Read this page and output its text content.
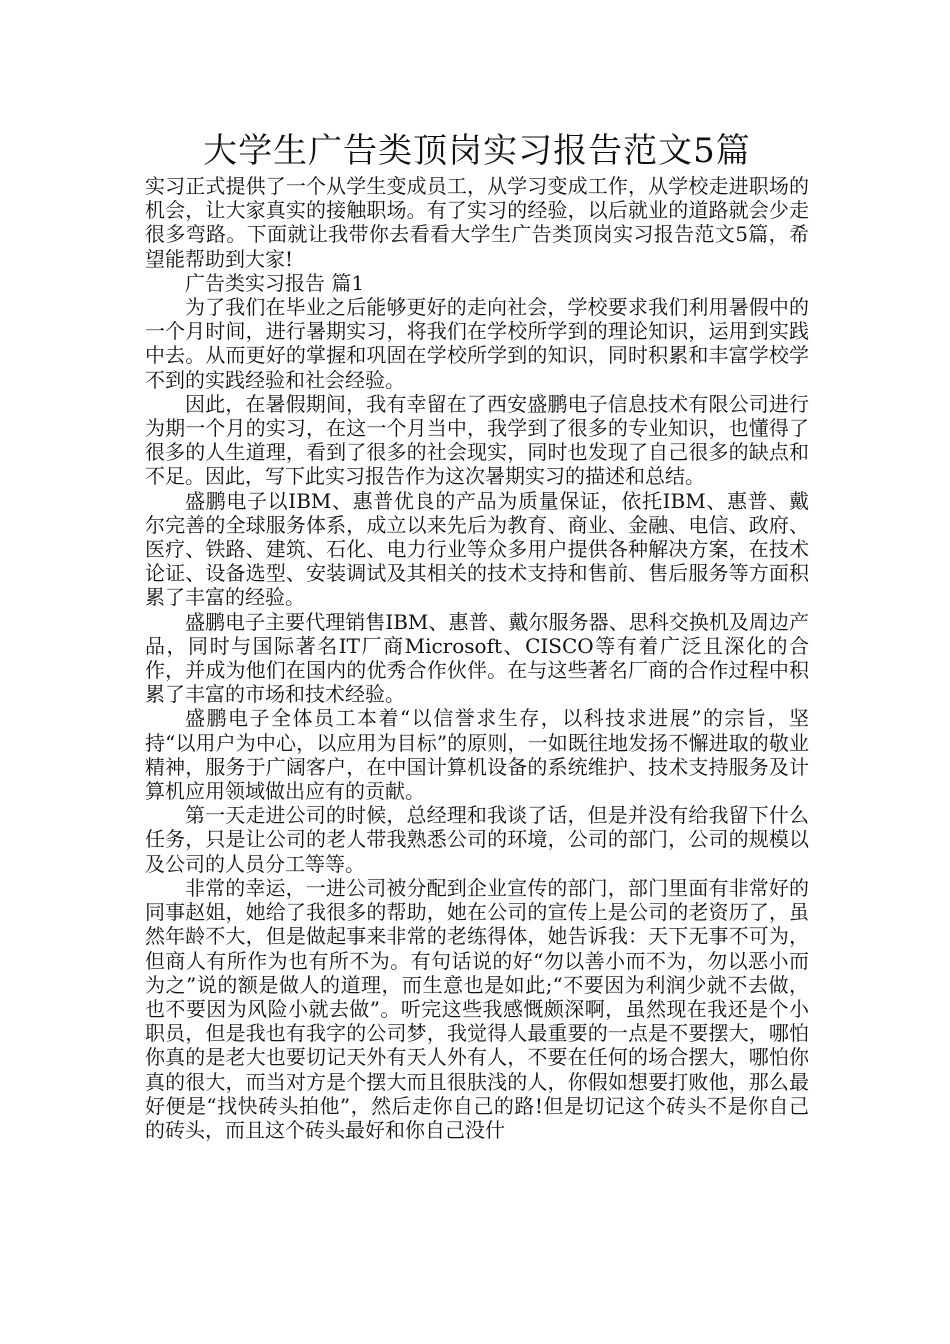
大学生广告类顶岗实习报告范文5篇

实习正式提供了一个从学生变成员工，从学习变成工作，从学校走进职场的机会，让大家真实的接触职场。有了实习的经验，以后就业的道路就会少走很多弯路。下面就让我带你去看看大学生广告类顶岗实习报告范文5篇，希望能帮助到大家!

广告类实习报告 篇1

为了我们在毕业之后能够更好的走向社会，学校要求我们利用暑假中的一个月时间，进行暑期实习，将我们在学校所学到的理论知识，运用到实践中去。从而更好的掌握和巩固在学校所学到的知识，同时积累和丰富学校学不到的实践经验和社会经验。

因此，在暑假期间，我有幸留在了西安盛鹏电子信息技术有限公司进行为期一个月的实习，在这一个月当中，我学到了很多的专业知识，也懂得了很多的人生道理，看到了很多的社会现实，同时也发现了自己很多的缺点和不足。因此，写下此实习报告作为这次暑期实习的描述和总结。

盛鹏电子以IBM、惠普优良的产品为质量保证，依托IBM、惠普、戴尔完善的全球服务体系，成立以来先后为教育、商业、金融、电信、政府、医疗、铁路、建筑、石化、电力行业等众多用户提供各种解决方案，在技术论证、设备选型、安装调试及其相关的技术支持和售前、售后服务等方面积累了丰富的经验。

盛鹏电子主要代理销售IBM、惠普、戴尔服务器、思科交换机及周边产品，同时与国际著名IT厂商Microsoft、CISCO等有着广泛且深化的合作，并成为他们在国内的优秀合作伙伴。在与这些著名厂商的合作过程中积累了丰富的市场和技术经验。

盛鹏电子全体员工本着“以信誉求生存，以科技求进展”的宗旨，坚持“以用户为中心，以应用为目标”的原则，一如既往地发扬不懈进取的敬业精神，服务于广阔客户，在中国计算机设备的系统维护、技术支持服务及计算机应用领域做出应有的贡献。

第一天走进公司的时候，总经理和我谈了话，但是并没有给我留下什么任务，只是让公司的老人带我熟悉公司的环境，公司的部门，公司的规模以及公司的人员分工等等。

非常的幸运，一进公司被分配到企业宣传的部门，部门里面有非常好的同事赵姐，她给了我很多的帮助，她在公司的宣传上是公司的老资历了，虽然年龄不大，但是做起事来非常的老练得体，她告诉我：天下无事不可为，但商人有所作为也有所不为。有句话说的好“勿以善小而不为，勿以恶小而为之”说的额是做人的道理，而生意也是如此;“不要因为利润少就不去做，也不要因为风险小就去做”。听完这些我感慨颇深啊，虽然现在我还是个小职员，但是我也有我字的公司梦，我觉得人最重要的一点是不要摆大，哪怕你真的是老大也要切记天外有天人外有人，不要在任何的场合摆大，哪怕你真的很大，而当对方是个摆大而且很肤浅的人，你假如想要打败他，那么最好便是“找快砖头拍他”，然后走你自己的路!但是切记这个砖头不是你自己的砖头，而且这个砖头最好和你自己没什
